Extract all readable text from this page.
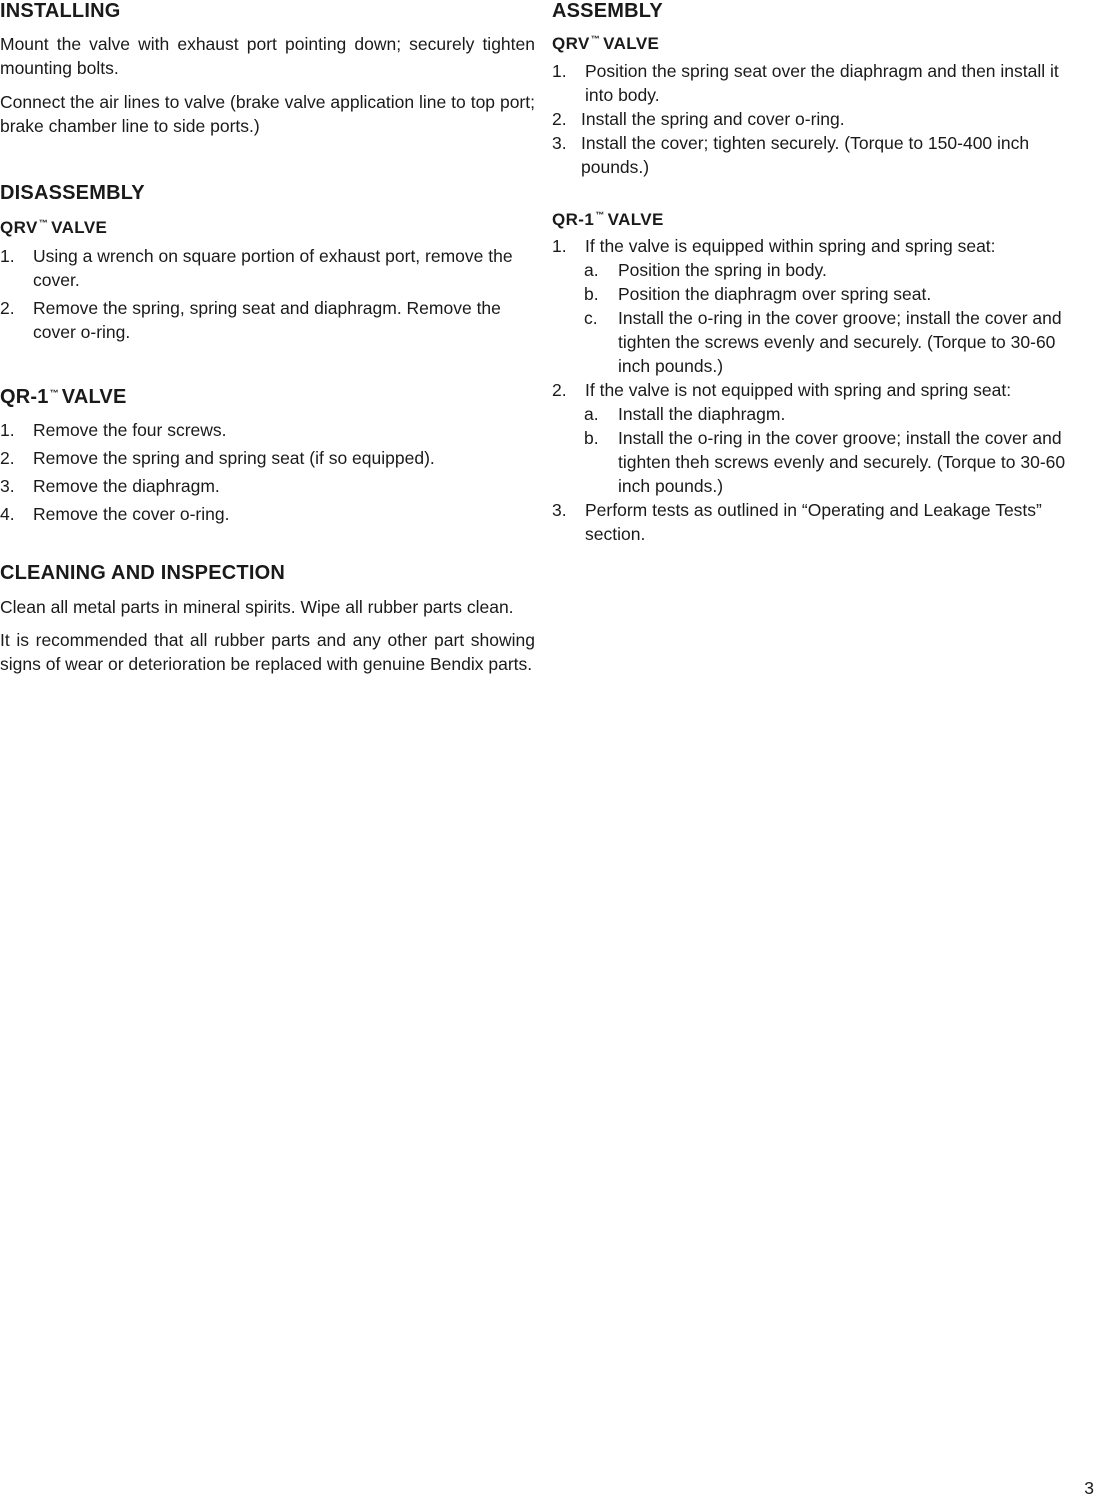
INSTALLING

Mount the valve with exhaust port pointing down; securely tighten mounting bolts.

Connect the air lines to valve (brake valve application line to top port; brake chamber line to side ports.)

DISASSEMBLY
QRV™ VALVE
1. Using a wrench on square portion of exhaust port, remove the cover.
2. Remove the spring, spring seat and diaphragm. Remove the cover o-ring.
QR-1™ VALVE
1. Remove the four screws.
2. Remove the spring and spring seat (if so equipped).
3. Remove the diaphragm.
4. Remove the cover o-ring.
CLEANING AND INSPECTION

Clean all metal parts in mineral spirits. Wipe all rubber parts clean.

It is recommended that all rubber parts and any other part showing signs of wear or deterioration be replaced with genuine Bendix parts.

ASSEMBLY
QRV™ VALVE
1. Position the spring seat over the diaphragm and then install it into body.
2. Install the spring and cover o-ring.
3. Install the cover; tighten securely. (Torque to 150-400 inch pounds.)
QR-1™ VALVE
1. If the valve is equipped within spring and spring seat:
a. Position the spring in body.
b. Position the diaphragm over spring seat.
c. Install the o-ring in the cover groove; install the cover and tighten the screws evenly and securely. (Torque to 30-60 inch pounds.)
2. If the valve is not equipped with spring and spring seat:
a. Install the diaphragm.
b. Install the o-ring in the cover groove; install the cover and tighten theh screws evenly and securely. (Torque to 30-60 inch pounds.)
3. Perform tests as outlined in “Operating and Leakage Tests” section.
3
